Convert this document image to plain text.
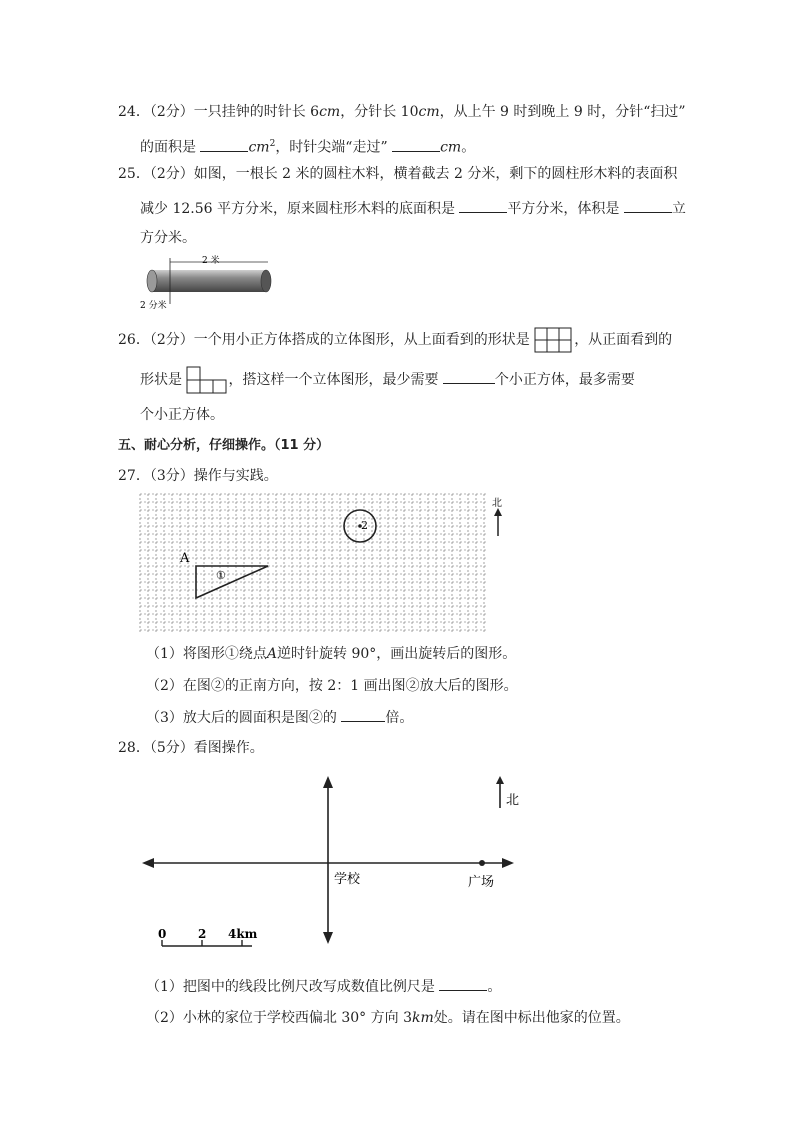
24．（2分）一只挂钟的时针长 6cm，分针长 10cm，从上午 9 时到晚上 9 时，分针“扫过”
的面积是	$cm^2$，时针尖端“走过”	cm。
25．（2分）如图，一根长 2 米的圆柱木料，横着截去 2 分米，剩下的圆柱形木料的表面积
减少 12.56 平方分米，原来圆柱形木料的底面积是	平方分米，体积是	立
方分米。
2 米
2 分米
26．（2分）一个用小正方体搭成的立体图形，从上面看到的形状是	，从正面看到的
形状是	，搭这样一个立体图形，最少需要	个小正方体，最多需要
个小正方体。
五、耐心分析，仔细操作。（11 分）
27．（3分）操作与实践。
A
①
2
北
（1）将图形①绕点A逆时针旋转 90°，画出旋转后的图形。
（2）在图②的正南方向，按 2：1 画出图②放大后的图形。
（3）放大后的圆面积是图②的	倍。
28．（5分）看图操作。
学校	广场
北
0	2 4km
（1）把图中的线段比例尺改写成数值比例尺是	。
（2）小林的家位于学校西偏北 30° 方向 3km处。请在图中标出他家的位置。
